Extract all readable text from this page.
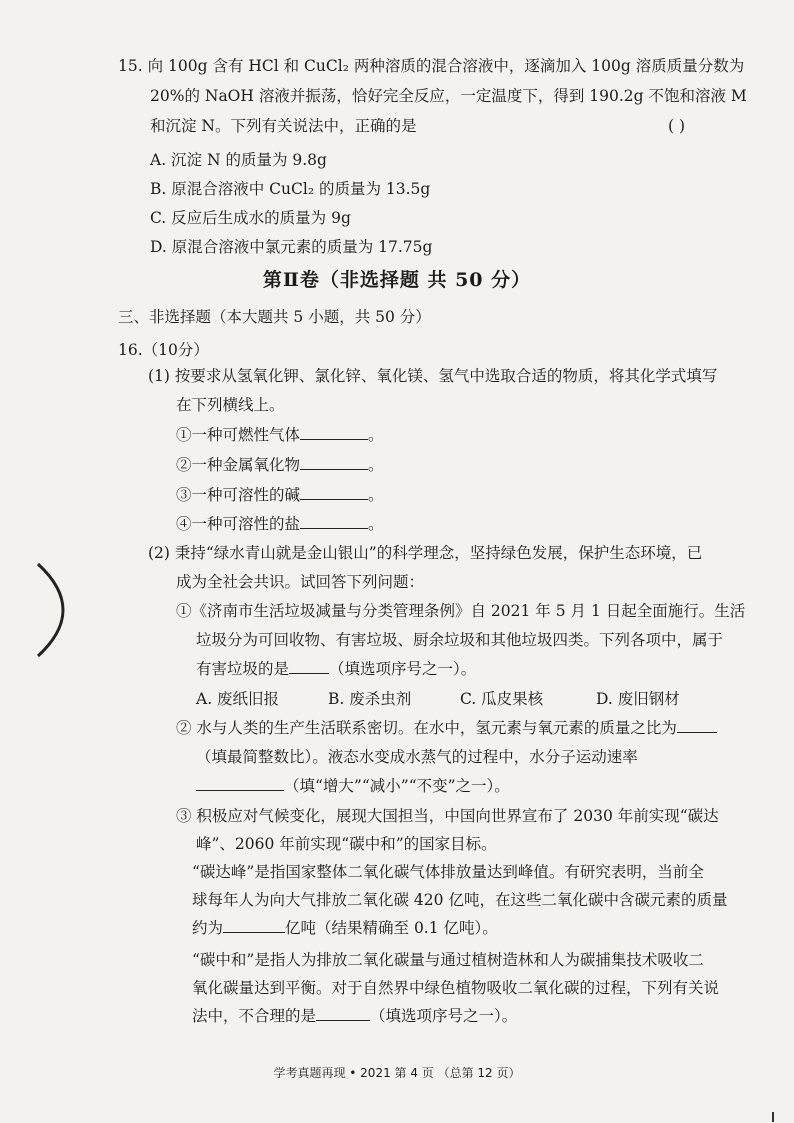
15. 向 100g 含有 HCl 和 CuCl₂ 两种溶质的混合溶液中，逐滴加入 100g 溶质质量分数为
20%的 NaOH 溶液并振荡，恰好完全反应，一定温度下，得到 190.2g 不饱和溶液 M
和沉淀 N。下列有关说法中，正确的是	( )
A. 沉淀 N 的质量为 9.8g
B. 原混合溶液中 CuCl₂ 的质量为 13.5g
C. 反应后生成水的质量为 9g
D. 原混合溶液中氯元素的质量为 17.75g
第Ⅱ卷（非选择题 共 50 分）
三、非选择题（本大题共 5 小题，共 50 分）
16.（10分）
(1) 按要求从氢氧化钾、氯化锌、氧化镁、氢气中选取合适的物质，将其化学式填写
在下列横线上。
①一种可燃性气体	。
②一种金属氧化物	。
③一种可溶性的碱	。
④一种可溶性的盐	。
(2) 秉持“绿水青山就是金山银山”的科学理念，坚持绿色发展，保护生态环境，已
成为全社会共识。试回答下列问题：
①《济南市生活垃圾减量与分类管理条例》自 2021 年 5 月 1 日起全面施行。生活
垃圾分为可回收物、有害垃圾、厨余垃圾和其他垃圾四类。下列各项中，属于
有害垃圾的是	（填选项序号之一）。
A. 废纸旧报	B. 废杀虫剂	C. 瓜皮果核	D. 废旧钢材
② 水与人类的生产生活联系密切。在水中，氢元素与氧元素的质量之比为
（填最简整数比）。液态水变成水蒸气的过程中，水分子运动速率
（填“增大”“减小”“不变”之一）。
③ 积极应对气候变化，展现大国担当，中国向世界宣布了 2030 年前实现“碳达
峰”、2060 年前实现“碳中和”的国家目标。
“碳达峰”是指国家整体二氧化碳气体排放量达到峰值。有研究表明，当前全
球每年人为向大气排放二氧化碳 420 亿吨，在这些二氧化碳中含碳元素的质量
约为	亿吨（结果精确至 0.1 亿吨）。
“碳中和”是指人为排放二氧化碳量与通过植树造林和人为碳捕集技术吸收二
氧化碳量达到平衡。对于自然界中绿色植物吸收二氧化碳的过程，下列有关说
法中，不合理的是	（填选项序号之一）。
学考真题再现 • 2021 第 4 页 （总第 12 页）
